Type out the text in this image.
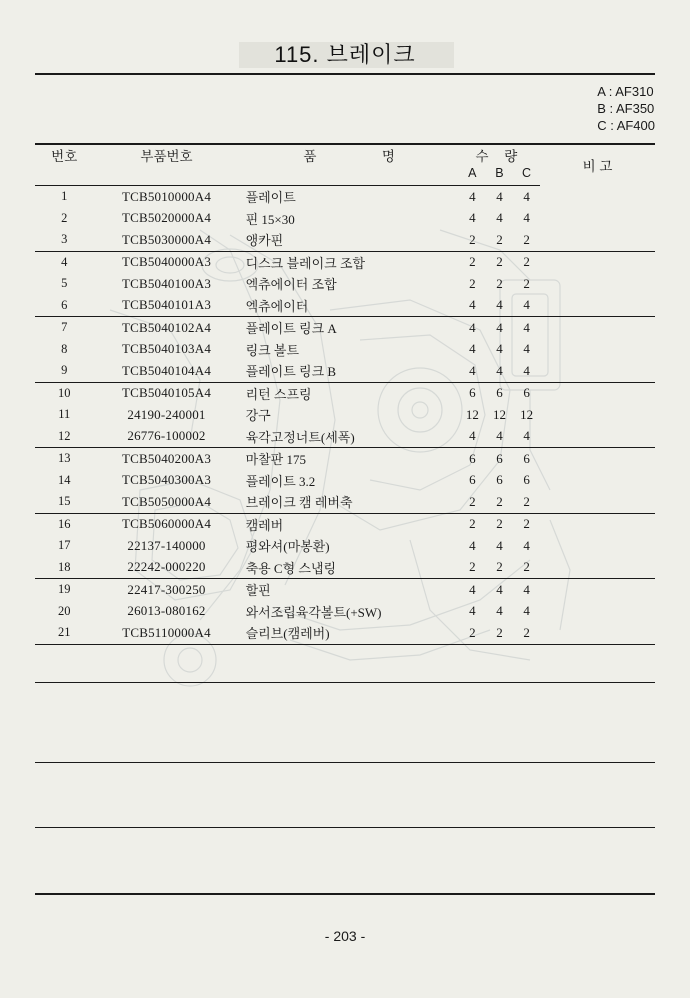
115. 브레이크
A : AF310
B : AF350
C : AF400
번호	부품번호	품 명	수 량			비 고
			A	B	C	
1	TCB5010000A4	플레이트	4	4	4	
2	TCB5020000A4	핀 15×30	4	4	4	
3	TCB5030000A4	앵카핀	2	2	2	
4	TCB5040000A3	디스크 블레이크 조합	2	2	2	
5	TCB5040100A3	엑츄에이터 조합	2	2	2	
6	TCB5040101A3	엑츄에이터	4	4	4	
7	TCB5040102A4	플레이트 링크 A	4	4	4	
8	TCB5040103A4	링크 볼트	4	4	4	
9	TCB5040104A4	플레이트 링크 B	4	4	4	
10	TCB5040105A4	리턴 스프링	6	6	6	
11	24190-240001	강구	12	12	12	
12	26776-100002	육각고정너트(세폭)	4	4	4	
13	TCB5040200A3	마찰판 175	6	6	6	
14	TCB5040300A3	플레이트 3.2	6	6	6	
15	TCB5050000A4	브레이크 캠 레버축	2	2	2	
16	TCB5060000A4	캠레버	2	2	2	
17	22137-140000	평와셔(마봉환)	4	4	4	
18	22242-000220	축용 C형 스냅링	2	2	2	
19	22417-300250	할핀	4	4	4	
20	26013-080162	와서조립육각볼트(+SW)	4	4	4	
21	TCB5110000A4	슬리브(캠레버)	2	2	2	
- 203 -
